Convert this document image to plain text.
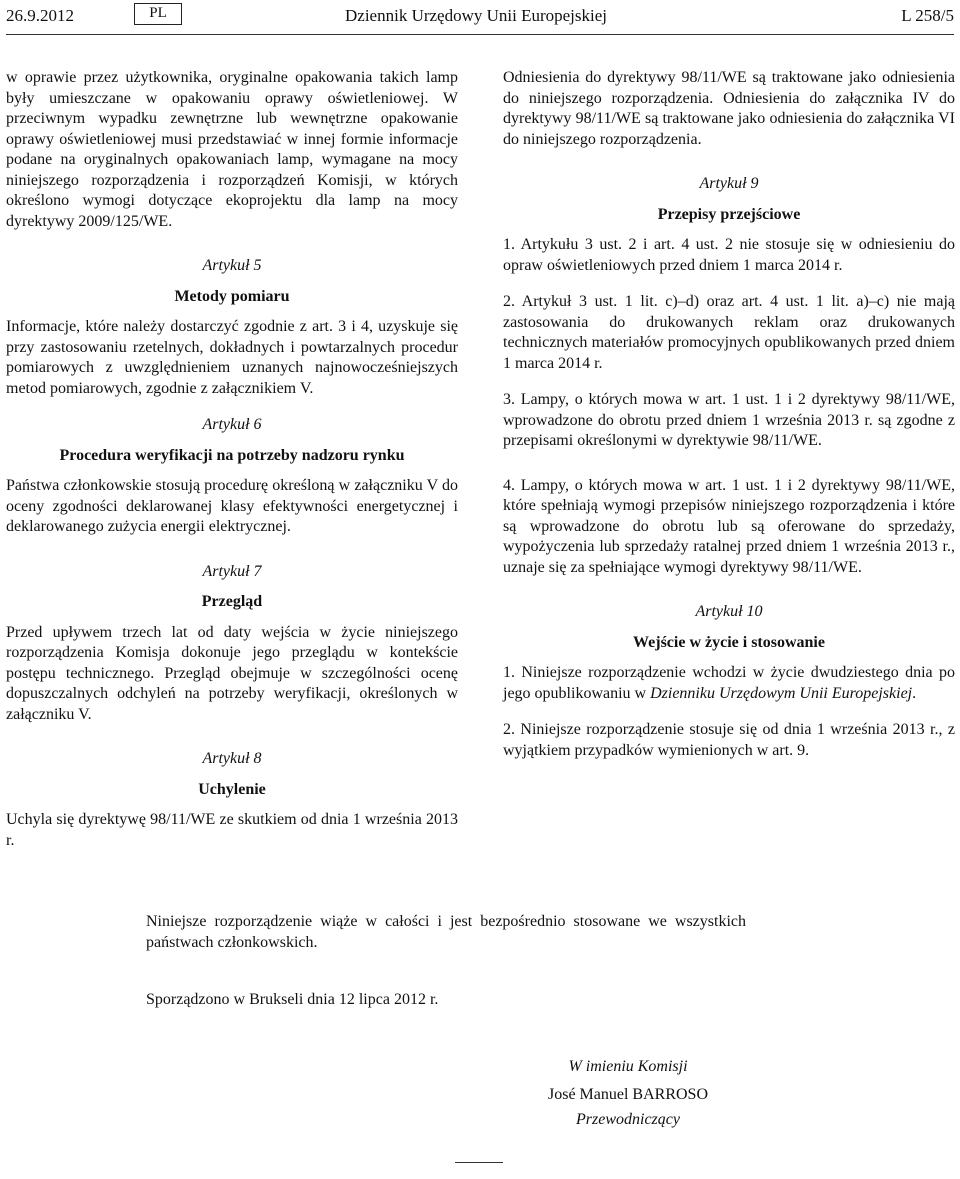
26.9.2012	PL	Dziennik Urzędowy Unii Europejskiej	L 258/5

w oprawie przez użytkownika, oryginalne opakowania takich lamp były umieszczane w opakowaniu oprawy oświetleniowej. W przeciwnym wypadku zewnętrzne lub wewnętrzne opakowanie oprawy oświetleniowej musi przedstawiać w innej formie informacje podane na oryginalnych opakowaniach lamp, wymagane na mocy niniejszego rozporządzenia i rozporządzeń Komisji, w których określono wymogi dotyczące ekoprojektu dla lamp na mocy dyrektywy 2009/125/WE.

Artykuł 5

Metody pomiaru

Informacje, które należy dostarczyć zgodnie z art. 3 i 4, uzyskuje się przy zastosowaniu rzetelnych, dokładnych i powtarzalnych procedur pomiarowych z uwzględnieniem uznanych najnowocześniejszych metod pomiarowych, zgodnie z załącznikiem V.

Artykuł 6

Procedura weryfikacji na potrzeby nadzoru rynku

Państwa członkowskie stosują procedurę określoną w załączniku V do oceny zgodności deklarowanej klasy efektywności energetycznej i deklarowanego zużycia energii elektrycznej.

Artykuł 7

Przegląd

Przed upływem trzech lat od daty wejścia w życie niniejszego rozporządzenia Komisja dokonuje jego przeglądu w kontekście postępu technicznego. Przegląd obejmuje w szczególności ocenę dopuszczalnych odchyleń na potrzeby weryfikacji, określonych w załączniku V.

Artykuł 8

Uchylenie

Uchyla się dyrektywę 98/11/WE ze skutkiem od dnia 1 września 2013 r.

Odniesienia do dyrektywy 98/11/WE są traktowane jako odniesienia do niniejszego rozporządzenia. Odniesienia do załącznika IV do dyrektywy 98/11/WE są traktowane jako odniesienia do załącznika VI do niniejszego rozporządzenia.

Artykuł 9

Przepisy przejściowe

1. Artykułu 3 ust. 2 i art. 4 ust. 2 nie stosuje się w odniesieniu do opraw oświetleniowych przed dniem 1 marca 2014 r.

2. Artykuł 3 ust. 1 lit. c)–d) oraz art. 4 ust. 1 lit. a)–c) nie mają zastosowania do drukowanych reklam oraz drukowanych technicznych materiałów promocyjnych opublikowanych przed dniem 1 marca 2014 r.

3. Lampy, o których mowa w art. 1 ust. 1 i 2 dyrektywy 98/11/WE, wprowadzone do obrotu przed dniem 1 września 2013 r. są zgodne z przepisami określonymi w dyrektywie 98/11/WE.

4. Lampy, o których mowa w art. 1 ust. 1 i 2 dyrektywy 98/11/WE, które spełniają wymogi przepisów niniejszego rozporządzenia i które są wprowadzone do obrotu lub są oferowane do sprzedaży, wypożyczenia lub sprzedaży ratalnej przed dniem 1 września 2013 r., uznaje się za spełniające wymogi dyrektywy 98/11/WE.

Artykuł 10

Wejście w życie i stosowanie

1. Niniejsze rozporządzenie wchodzi w życie dwudziestego dnia po jego opublikowaniu w Dzienniku Urzędowym Unii Europejskiej.

2. Niniejsze rozporządzenie stosuje się od dnia 1 września 2013 r., z wyjątkiem przypadków wymienionych w art. 9.

Niniejsze rozporządzenie wiąże w całości i jest bezpośrednio stosowane we wszystkich państwach członkowskich.

Sporządzono w Brukseli dnia 12 lipca 2012 r.

W imieniu Komisji
José Manuel BARROSO
Przewodniczący
